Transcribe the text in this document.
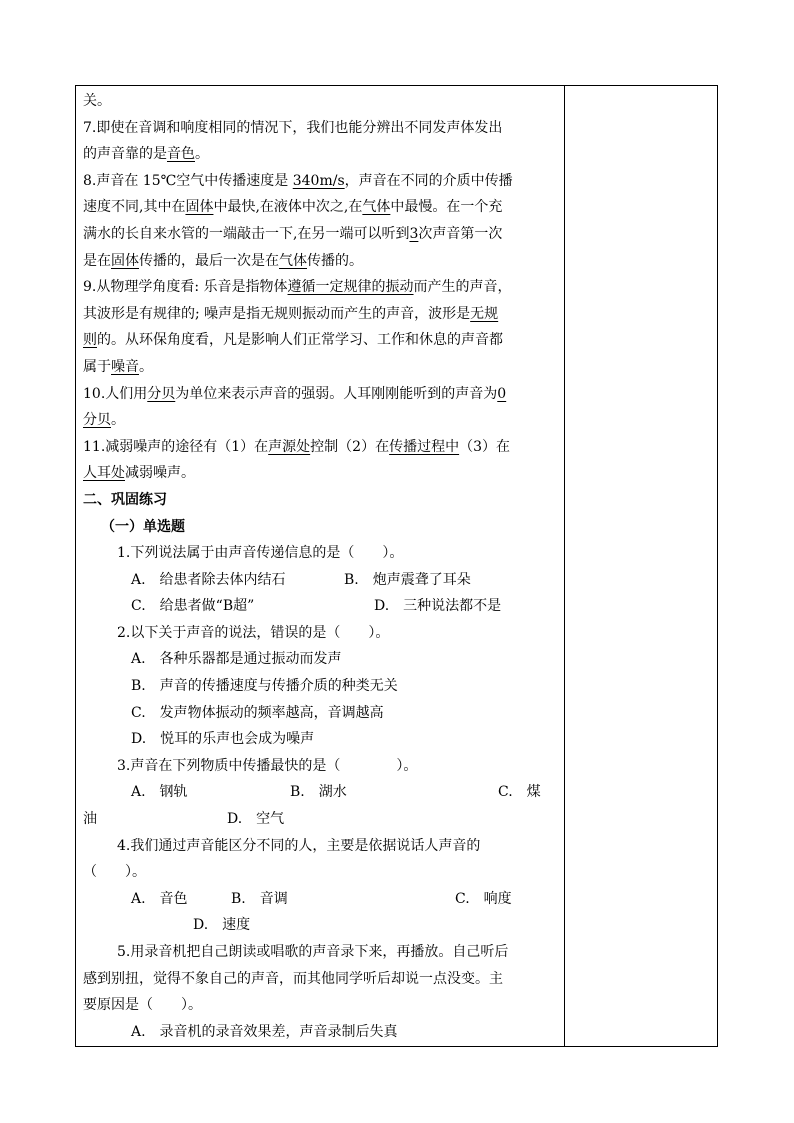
关。
7.即使在音调和响度相同的情况下，我们也能分辨出不同发声体发出
的声音靠的是音色。
8.声音在 15℃空气中传播速度是 340m/s，声音在不同的介质中传播
速度不同,其中在固体中最快,在液体中次之,在气体中最慢。在一个充
满水的长自来水管的一端敲击一下,在另一端可以听到3次声音第一次
是在固体传播的，最后一次是在气体传播的。
9.从物理学角度看: 乐音是指物体遵循一定规律的振动而产生的声音，
其波形是有规律的; 噪声是指无规则振动而产生的声音，波形是无规
则的。从环保角度看，凡是影响人们正常学习、工作和休息的声音都
属于噪音。
10.人们用分贝为单位来表示声音的强弱。人耳刚刚能听到的声音为0
分贝。
11.减弱噪声的途径有（1）在声源处控制（2）在传播过程中（3）在
人耳处减弱噪声。
二、巩固练习
（一）单选题
1.下列说法属于由声音传递信息的是（　　）。
A.　给患者除去体内结石	B.　炮声震聋了耳朵
C.　给患者做“B超”	D.　三种说法都不是
2.以下关于声音的说法，错误的是（　　）。
A.　各种乐器都是通过振动而发声
B.　声音的传播速度与传播介质的种类无关
C.　发声物体振动的频率越高，音调越高
D.　悦耳的乐声也会成为噪声
3.声音在下列物质中传播最快的是（　　　　）。
A.　钢轨	B.　湖水	C.　煤
油	D.　空气
4.我们通过声音能区分不同的人，主要是依据说话人声音的
（　　）。
A.　音色	B.　音调	C.　响度
D.　速度
5.用录音机把自己朗读或唱歌的声音录下来，再播放。自己听后
感到别扭，觉得不象自己的声音，而其他同学听后却说一点没变。主
要原因是（　　）。
A.　录音机的录音效果差，声音录制后失真
